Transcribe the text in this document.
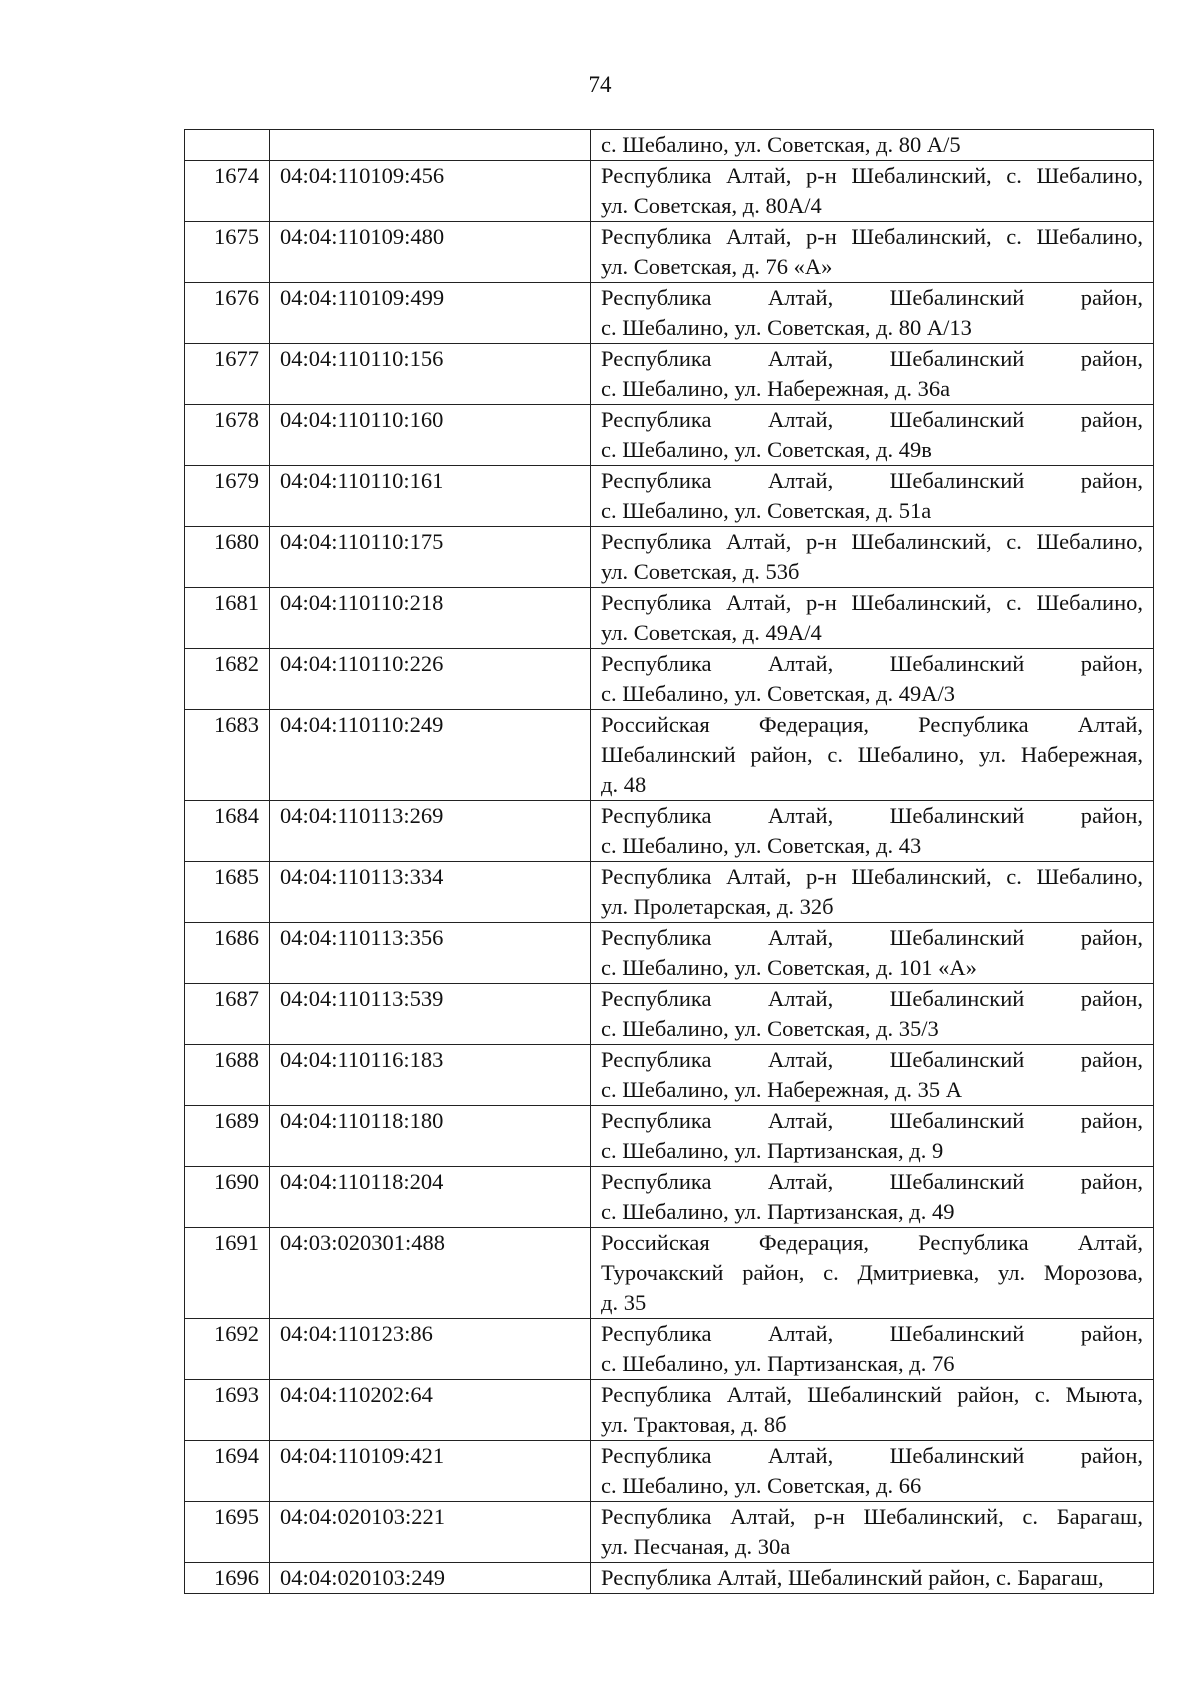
74

		с. Шебалино, ул. Советская, д. 80 А/5

1674	04:04:110109:456	Республика Алтай, р-н Шебалинский, с. Шебалино,
ул. Советская, д. 80А/4

1675	04:04:110109:480	Республика Алтай, р-н Шебалинский, с. Шебалино,
ул. Советская, д. 76 «А»

1676	04:04:110109:499	Республика Алтай, Шебалинский район,
с. Шебалино, ул. Советская, д. 80 А/13

1677	04:04:110110:156	Республика Алтай, Шебалинский район,
с. Шебалино, ул. Набережная, д. 36а

1678	04:04:110110:160	Республика Алтай, Шебалинский район,
с. Шебалино, ул. Советская, д. 49в

1679	04:04:110110:161	Республика Алтай, Шебалинский район,
с. Шебалино, ул. Советская, д. 51а

1680	04:04:110110:175	Республика Алтай, р-н Шебалинский, с. Шебалино,
ул. Советская, д. 53б

1681	04:04:110110:218	Республика Алтай, р-н Шебалинский, с. Шебалино,
ул. Советская, д. 49А/4

1682	04:04:110110:226	Республика Алтай, Шебалинский район,
с. Шебалино, ул. Советская, д. 49А/3

1683	04:04:110110:249	Российская Федерация, Республика Алтай,
Шебалинский район, с. Шебалино, ул. Набережная,
д. 48

1684	04:04:110113:269	Республика Алтай, Шебалинский район,
с. Шебалино, ул. Советская, д. 43

1685	04:04:110113:334	Республика Алтай, р-н Шебалинский, с. Шебалино,
ул. Пролетарская, д. 32б

1686	04:04:110113:356	Республика Алтай, Шебалинский район,
с. Шебалино, ул. Советская, д. 101 «А»

1687	04:04:110113:539	Республика Алтай, Шебалинский район,
с. Шебалино, ул. Советская, д. 35/3

1688	04:04:110116:183	Республика Алтай, Шебалинский район,
с. Шебалино, ул. Набережная, д. 35 А

1689	04:04:110118:180	Республика Алтай, Шебалинский район,
с. Шебалино, ул. Партизанская, д. 9

1690	04:04:110118:204	Республика Алтай, Шебалинский район,
с. Шебалино, ул. Партизанская, д. 49

1691	04:03:020301:488	Российская Федерация, Республика Алтай,
Турочакский район, с. Дмитриевка, ул. Морозова,
д. 35

1692	04:04:110123:86	Республика Алтай, Шебалинский район,
с. Шебалино, ул. Партизанская, д. 76

1693	04:04:110202:64	Республика Алтай, Шебалинский район, с. Мыюта,
ул. Трактовая, д. 8б

1694	04:04:110109:421	Республика Алтай, Шебалинский район,
с. Шебалино, ул. Советская, д. 66

1695	04:04:020103:221	Республика Алтай, р-н Шебалинский, с. Барагаш,
ул. Песчаная, д. 30а

1696	04:04:020103:249	Республика Алтай, Шебалинский район, с. Барагаш,
